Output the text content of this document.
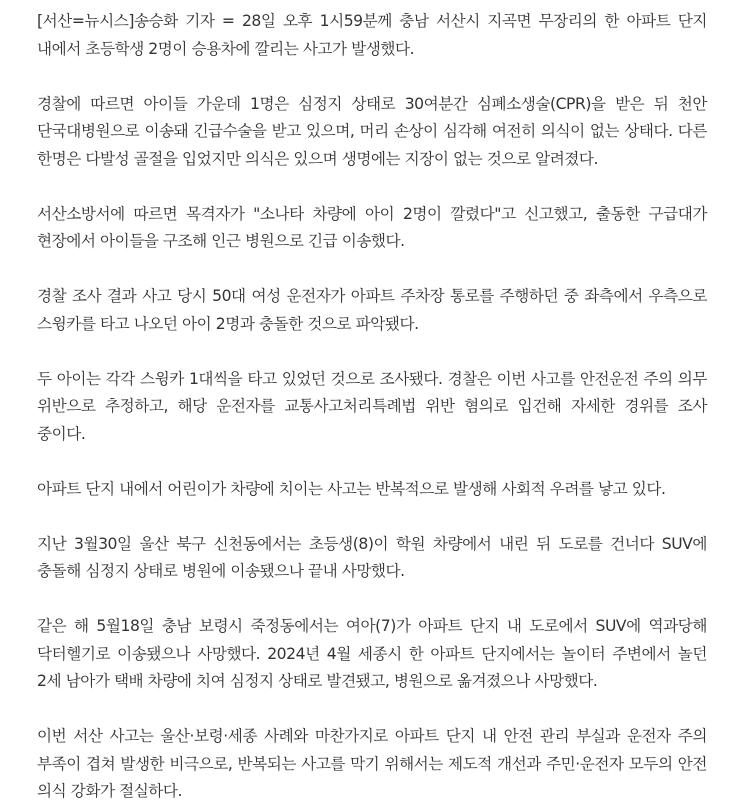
[서산=뉴시스]송승화 기자 = 28일 오후 1시59분께 충남 서산시 지곡면 무장리의 한 아파트 단지 내에서 초등학생 2명이 승용차에 깔리는 사고가 발생했다.

경찰에 따르면 아이들 가운데 1명은 심정지 상태로 30여분간 심폐소생술(CPR)을 받은 뒤 천안 단국대병원으로 이송돼 긴급수술을 받고 있으며, 머리 손상이 심각해 여전히 의식이 없는 상태다. 다른 한명은 다발성 골절을 입었지만 의식은 있으며 생명에는 지장이 없는 것으로 알려졌다.

서산소방서에 따르면 목격자가 "소나타 차량에 아이 2명이 깔렸다"고 신고했고, 출동한 구급대가 현장에서 아이들을 구조해 인근 병원으로 긴급 이송했다.

경찰 조사 결과 사고 당시 50대 여성 운전자가 아파트 주차장 통로를 주행하던 중 좌측에서 우측으로 스윙카를 타고 나오던 아이 2명과 충돌한 것으로 파악됐다.

두 아이는 각각 스윙카 1대씩을 타고 있었던 것으로 조사됐다. 경찰은 이번 사고를 안전운전 주의 의무 위반으로 추정하고, 해당 운전자를 교통사고처리특례법 위반 혐의로 입건해 자세한 경위를 조사 중이다.

아파트 단지 내에서 어린이가 차량에 치이는 사고는 반복적으로 발생해 사회적 우려를 낳고 있다.

지난 3월30일 울산 북구 신천동에서는 초등생(8)이 학원 차량에서 내린 뒤 도로를 건너다 SUV에 충돌해 심정지 상태로 병원에 이송됐으나 끝내 사망했다.

같은 해 5월18일 충남 보령시 죽정동에서는 여아(7)가 아파트 단지 내 도로에서 SUV에 역과당해 닥터헬기로 이송됐으나 사망했다. 2024년 4월 세종시 한 아파트 단지에서는 놀이터 주변에서 놀던 2세 남아가 택배 차량에 치여 심정지 상태로 발견됐고, 병원으로 옮겨졌으나 사망했다.

이번 서산 사고는 울산·보령·세종 사례와 마찬가지로 아파트 단지 내 안전 관리 부실과 운전자 주의 부족이 겹쳐 발생한 비극으로, 반복되는 사고를 막기 위해서는 제도적 개선과 주민·운전자 모두의 안전 의식 강화가 절실하다.
